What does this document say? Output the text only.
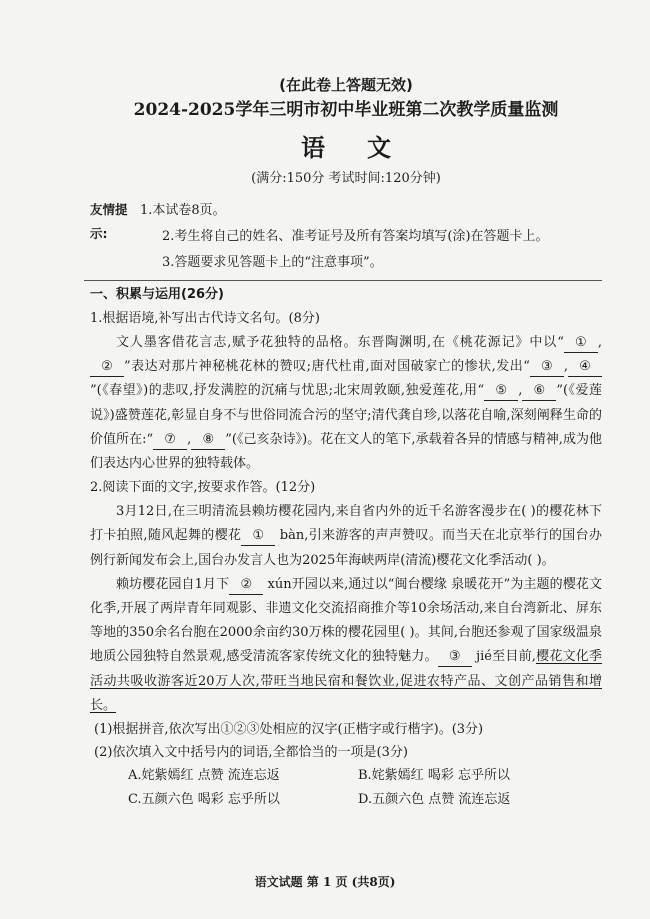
(在此卷上答题无效)
2024-2025学年三明市初中毕业班第二次教学质量监测
语文
(满分:150分 考试时间:120分钟)
友情提示:
1.本试卷8页。
2.考生将自己的姓名、准考证号及所有答案均填写(涂)在答题卡上。
3.答题要求见答题卡上的“注意事项”。
一、积累与运用(26分)
1.根据语境,补写出古代诗文名句。(8分)

文人墨客借花言志,赋予花独特的品格。东晋陶渊明,在《桃花源记》中以“ ① ,② ”表达对那片神秘桃花林的赞叹;唐代杜甫,面对国破家亡的惨状,发出“ ③ , ④”(《春望》)的悲叹,抒发满腔的沉痛与忧思;北宋周敦颐,独爱莲花,用“ ⑤ , ⑥ ”(《爱莲说》)盛赞莲花,彰显自身不与世俗同流合污的坚守;清代龚自珍,以落花自喻,深刻阐释生命的价值所在:“ ⑦ , ⑧ ”(《己亥杂诗》)。花在文人的笔下,承载着各异的情感与精神,成为他们表达内心世界的独特载体。

2.阅读下面的文字,按要求作答。(12分)

3月12日,在三明清流县赖坊樱花园内,来自省内外的近千名游客漫步在( )的樱花林下打卡拍照,随风起舞的樱花 ① bàn,引来游客的声声赞叹。而当天在北京举行的国台办例行新闻发布会上,国台办发言人也为2025年海峡两岸(清流)樱花文化季活动( )。

赖坊樱花园自1月下 ② xún开园以来,通过以“闽台樱缘 泉暖花开”为主题的樱花文化季,开展了两岸青年同观影、非遗文化交流招商推介等10余场活动,来自台湾新北、屏东等地的350余名台胞在2000余亩约30万株的樱花园里( )。其间,台胞还参观了国家级温泉地质公园独特自然景观,感受清流客家传统文化的独特魅力。 ③ jié至目前,樱花文化季活动共吸收游客近20万人次,带旺当地民宿和餐饮业,促进农特产品、文创产品销售和增长。

(1)根据拼音,依次写出①②③处相应的汉字(正楷字或行楷字)。(3分)
(2)依次填入文中括号内的词语,全都恰当的一项是(3分)
A.姹紫嫣红 点赞 流连忘返	B.姹紫嫣红 喝彩 忘乎所以
C.五颜六色 喝彩 忘乎所以	D.五颜六色 点赞 流连忘返
语文试题 第 1 页 (共8页)
